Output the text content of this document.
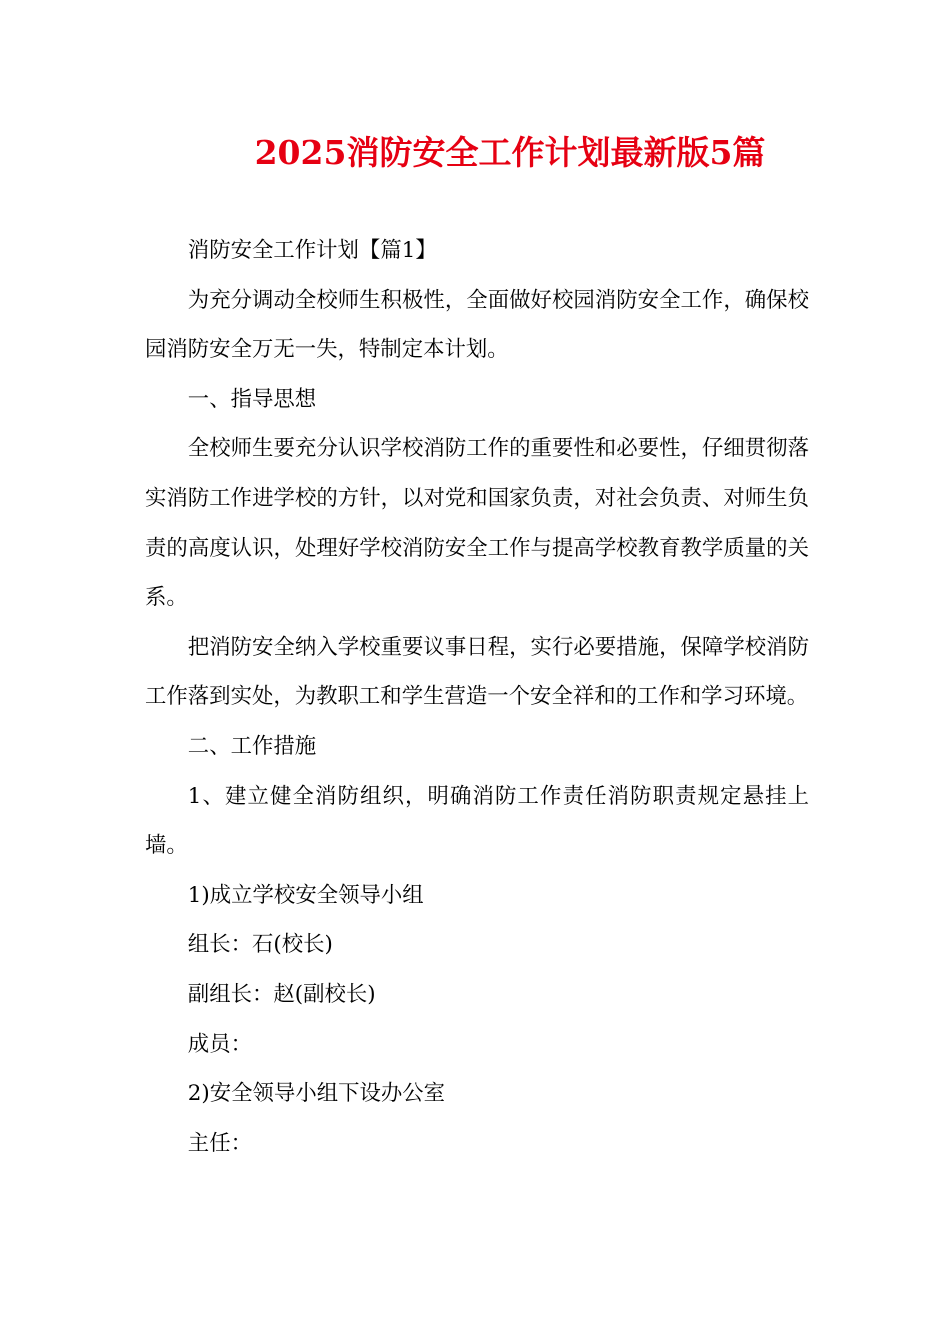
2025消防安全工作计划最新版5篇

消防安全工作计划【篇1】

为充分调动全校师生积极性，全面做好校园消防安全工作，确保校园消防安全万无一失，特制定本计划。

一、指导思想

全校师生要充分认识学校消防工作的重要性和必要性，仔细贯彻落实消防工作进学校的方针，以对党和国家负责，对社会负责、对师生负责的高度认识，处理好学校消防安全工作与提高学校教育教学质量的关系。

把消防安全纳入学校重要议事日程，实行必要措施，保障学校消防工作落到实处，为教职工和学生营造一个安全祥和的工作和学习环境。

二、工作措施

1、建立健全消防组织，明确消防工作责任消防职责规定悬挂上墙。

1)成立学校安全领导小组

组长：石(校长)

副组长：赵(副校长)

成员：

2)安全领导小组下设办公室

主任：
